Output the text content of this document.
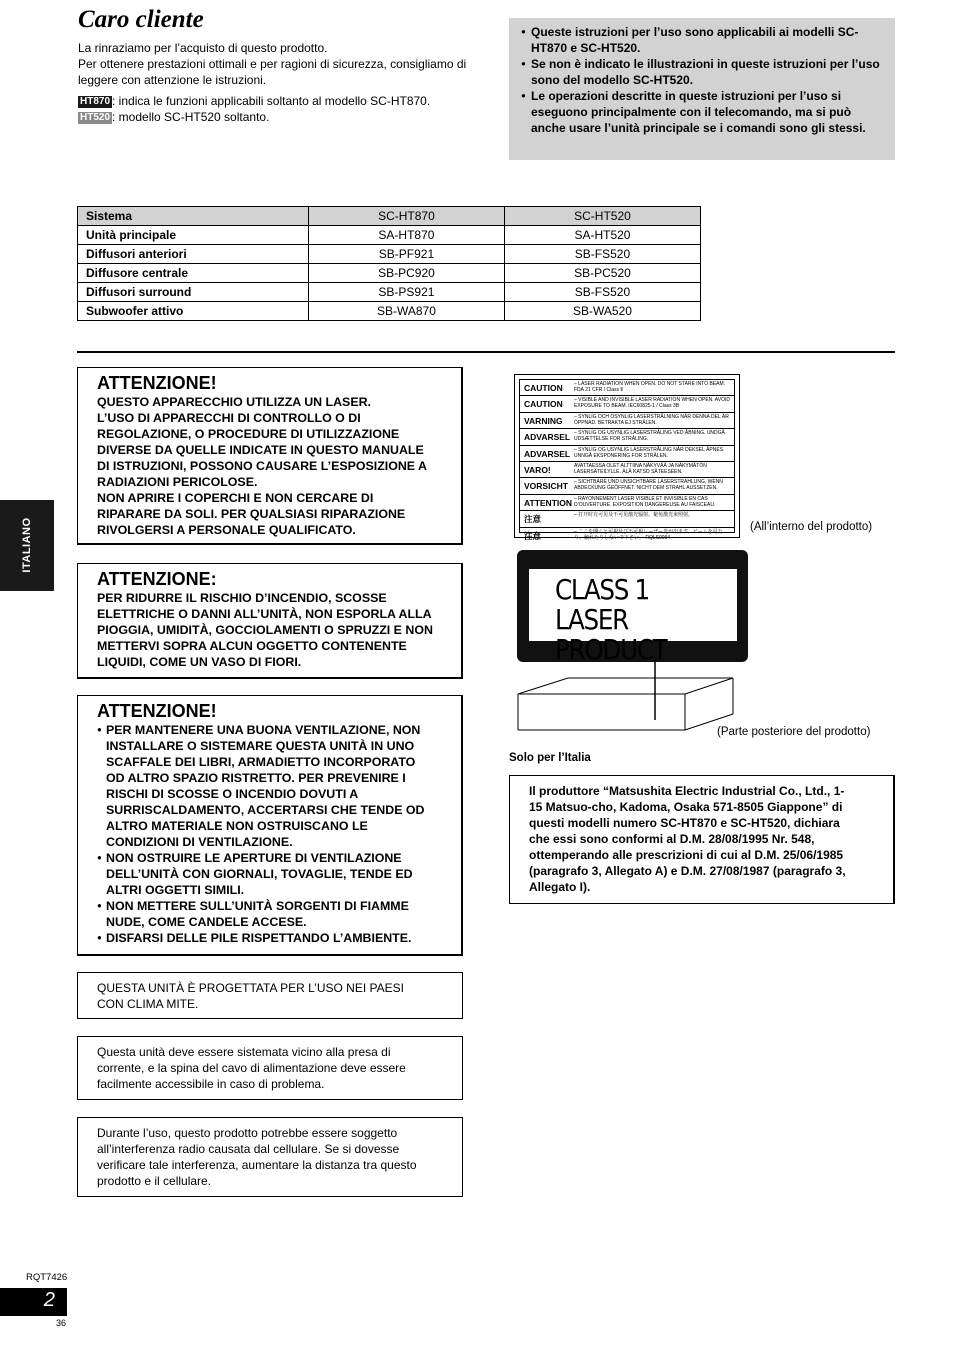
Caro cliente

La rinraziamo per l’acquisto di questo prodotto.

Per ottenere prestazioni ottimali e per ragioni di sicurezza, consigliamo di leggere con attenzione le istruzioni.

HT870 : indica le funzioni applicabili soltanto al modello SC-HT870.
HT520 : modello SC-HT520 soltanto.
● Queste istruzioni per l’uso sono applicabili ai modelli SC-HT870 e SC-HT520.
● Se non è indicato le illustrazioni in queste istruzioni per l’uso sono del modello SC-HT520.
● Le operazioni descritte in queste istruzioni per l’uso si eseguono principalmente con il telecomando, ma si può anche usare l’unità principale se i comandi sono gli stessi.
Sistema	SC-HT870	SC-HT520
Unità principale	SA-HT870	SA-HT520
Diffusori anteriori	SB-PF921	SB-FS520
Diffusore centrale	SB-PC920	SB-PC520
Diffusori surround	SB-PS921	SB-FS520
Subwoofer attivo	SB-WA870	SB-WA520
ITALIANO
ATTENZIONE!
QUESTO APPARECCHIO UTILIZZA UN LASER.
L’USO DI APPARECCHI DI CONTROLLO O DI
REGOLAZIONE, O PROCEDURE DI UTILIZZAZIONE
DIVERSE DA QUELLE INDICATE IN QUESTO MANUALE
DI ISTRUZIONI, POSSONO CAUSARE L’ESPOSIZIONE A
RADIAZIONI PERICOLOSE.
NON APRIRE I COPERCHI E NON CERCARE DI
RIPARARE DA SOLI. PER QUALSIASI RIPARAZIONE
RIVOLGERSI A PERSONALE QUALIFICATO.
ATTENZIONE:
PER RIDURRE IL RISCHIO D’INCENDIO, SCOSSE
ELETTRICHE O DANNI ALL’UNITÀ, NON ESPORLA ALLA
PIOGGIA, UMIDITÀ, GOCCIOLAMENTI O SPRUZZI E NON
METTERVI SOPRA ALCUN OGGETTO CONTENENTE
LIQUIDI, COME UN VASO DI FIORI.
ATTENZIONE!
● PER MANTENERE UNA BUONA VENTILAZIONE, NON
INSTALLARE O SISTEMARE QUESTA UNITÀ IN UNO
SCAFFALE DEI LIBRI, ARMADIETTO INCORPORATO
OD ALTRO SPAZIO RISTRETTO. PER PREVENIRE I
RISCHI DI SCOSSE O INCENDIO DOVUTI A
SURRISCALDAMENTO, ACCERTARSI CHE TENDE OD
ALTRO MATERIALE NON OSTRUISCANO LE
CONDIZIONI DI VENTILAZIONE.
● NON OSTRUIRE LE APERTURE DI VENTILAZIONE
DELL’UNITÀ CON GIORNALI, TOVAGLIE, TENDE ED
ALTRI OGGETTI SIMILI.
● NON METTERE SULL’UNITÀ SORGENTI DI FIAMME
NUDE, COME CANDELE ACCESE.
● DISFARSI DELLE PILE RISPETTANDO L’AMBIENTE.
QUESTA UNITÀ È PROGETTATA PER L’USO NEI PAESI
CON CLIMA MITE.
Questa unità deve essere sistemata vicino alla presa di
corrente, e la spina del cavo di alimentazione deve essere
facilmente accessibile in caso di problema.
Durante l’uso, questo prodotto potrebbe essere soggetto
all’interferenza radio causata dal cellulare. Se si dovesse
verificare tale interferenza, aumentare la distanza tra questo
prodotto e il cellulare.
CAUTION – LASER RADIATION WHEN OPEN. DO NOT STARE INTO BEAM. FDA 21 CFR / Class Ⅱ
CAUTION – VISIBLE AND INVISIBLE LASER RADIATION WHEN OPEN. AVOID EXPOSURE TO BEAM. IEC60825-1 / Class 3B
VARNING – SYNLIG OCH OSYNLIG LASERSTRÅLNING NÄR DENNA DEL ÄR ÖPPNAD. BETRAKTA EJ STRÅLEN.
ADVARSEL – SYNLIG OG USYNLIG LASERSTRÅLING VED ÅBNING. UNDGÅ UDSÆTTELSE FOR STRÅLING.
ADVARSEL – SYNLIG OG USYNLIG LASERSTRÅLING NÅR DEKSEL ÅPNES. UNNGÅ EKSPONERING FOR STRÅLEN.
VARO!	AVATTAESSA OLET ALTTIINA NÄKYVÄÄ JA NÄKYMÄTÖN LASERSÄTEILYLLE. ÄLÄ KATSO SÄTEESEEN.
VORSICHT – SICHTBARE UND UNSICHTBARE LASERSTRAHLUNG, WENN ABDECKUNG GEÖFFNET. NICHT DEM STRAHL AUSSETZEN.
ATTENTION – RAYONNEMENT LASER VISIBLE ET INVISIBLE EN CAS D’OUVERTURE. EXPOSITION DANGEREUSE AU FAISCEAU.
注意	– 打开时有可见及不可见激光辐射。避免激光束照射。
注意	– ここを開くと可視及び不可視レーザー光が出ます。ビームを見たり、触れたりしないで下さい。 RQLS0094
(All’interno del prodotto)
CLASS 1
LASER PRODUCT
(Parte posteriore del prodotto)
Solo per l’Italia
Il produttore “Matsushita Electric Industrial Co., Ltd., 1-
15 Matsuo-cho, Kadoma, Osaka 571-8505 Giappone” di
questi modelli numero SC-HT870 e SC-HT520, dichiara
che essi sono conformi al D.M. 28/08/1995 Nr. 548,
ottemperando alle prescrizioni di cui al D.M. 25/06/1985
(paragrafo 3, Allegato A) e D.M. 27/08/1987 (paragrafo 3,
Allegato I).
RQT7426
2
36
